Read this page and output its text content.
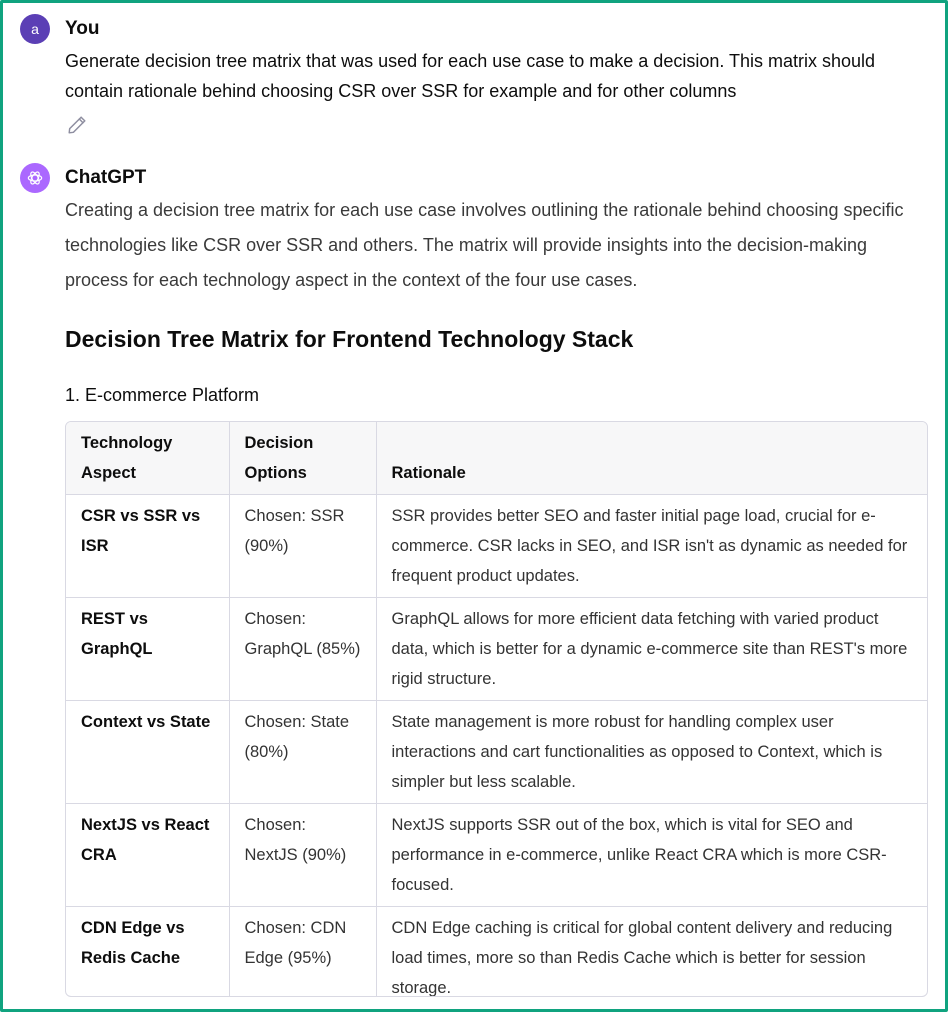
a You
Generate decision tree matrix that was used for each use case to make a decision. This matrix should contain rationale behind choosing CSR over SSR for example and for other columns
ChatGPT
Creating a decision tree matrix for each use case involves outlining the rationale behind choosing specific technologies like CSR over SSR and others. The matrix will provide insights into the decision-making process for each technology aspect in the context of the four use cases.
Decision Tree Matrix for Frontend Technology Stack
1. E-commerce Platform
Technology Aspect	Decision Options	Rationale
CSR vs SSR vs ISR	Chosen: SSR (90%)	SSR provides better SEO and faster initial page load, crucial for e-commerce. CSR lacks in SEO, and ISR isn't as dynamic as needed for frequent product updates.
REST vs GraphQL	Chosen: GraphQL (85%)	GraphQL allows for more efficient data fetching with varied product data, which is better for a dynamic e-commerce site than REST's more rigid structure.
Context vs State	Chosen: State (80%)	State management is more robust for handling complex user interactions and cart functionalities as opposed to Context, which is simpler but less scalable.
NextJS vs React CRA	Chosen: NextJS (90%)	NextJS supports SSR out of the box, which is vital for SEO and performance in e-commerce, unlike React CRA which is more CSR-focused.
CDN Edge vs Redis Cache	Chosen: CDN Edge (95%)	CDN Edge caching is critical for global content delivery and reducing load times, more so than Redis Cache which is better for session storage.
